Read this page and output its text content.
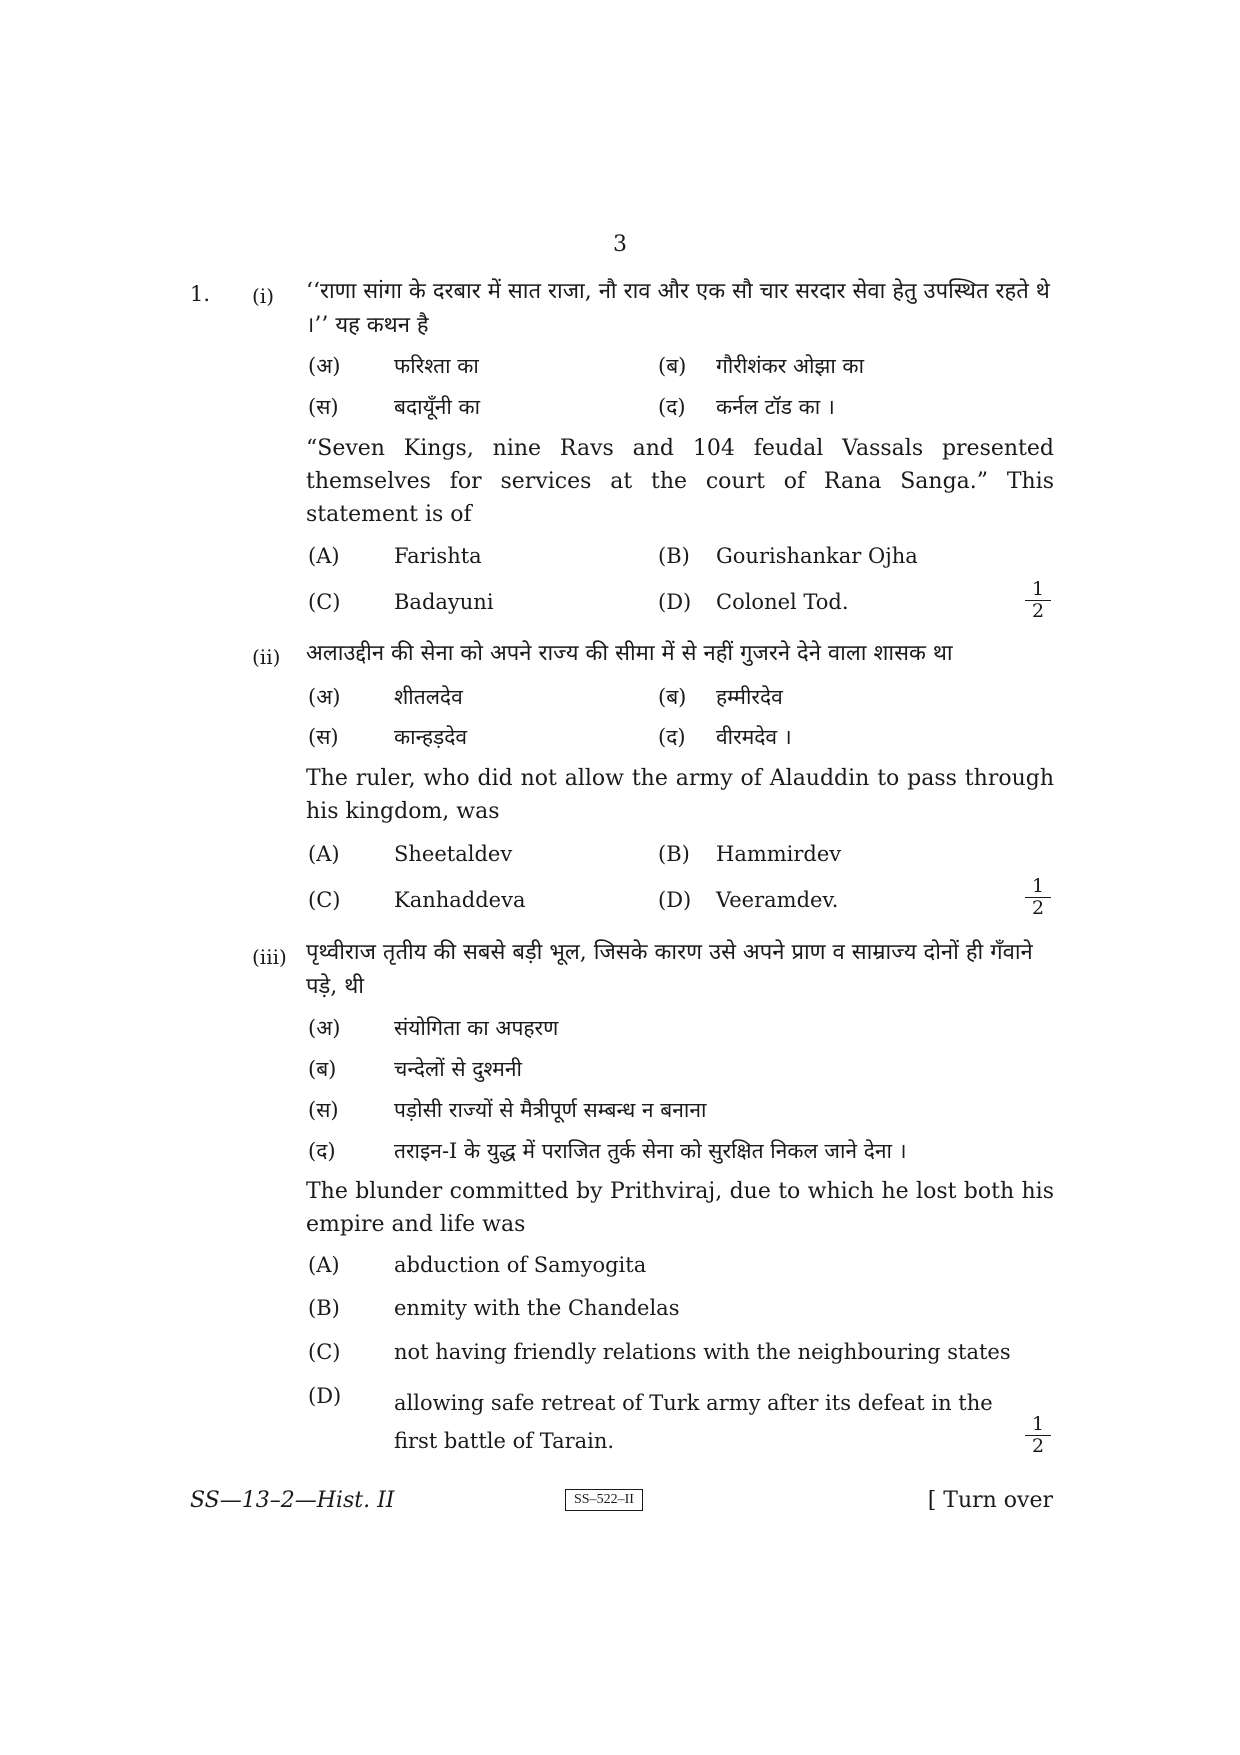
3
1. (i) ‘‘राणा सांगा के दरबार में सात राजा, नौ राव और एक सौ चार सरदार सेवा हेतु उपस्थित रहते थे ।’’ यह कथन है
(अ)	फरिश्ता का	(ब) गौरीशंकर ओझा का
(स)	बदायूँनी का	(द) कर्नल टॉड का ।
“Seven Kings, nine Ravs and 104 feudal Vassals presented themselves for services at the court of Rana Sanga.” This statement is of
(A)	Farishta	(B) Gourishankar Ojha
(C)	Badayuni	(D) Colonel Tod.	$\frac{1}{2}$
(ii) अलाउद्दीन की सेना को अपने राज्य की सीमा में से नहीं गुजरने देने वाला शासक था
(अ)	शीतलदेव	(ब) हम्मीरदेव
(स)	कान्हड़देव	(द) वीरमदेव ।
The ruler, who did not allow the army of Alauddin to pass through his kingdom, was
(A)	Sheetaldev	(B) Hammirdev
(C)	Kanhaddeva	(D) Veeramdev.	$\frac{1}{2}$
(iii) पृथ्वीराज तृतीय की सबसे बड़ी भूल, जिसके कारण उसे अपने प्राण व साम्राज्य दोनों ही गँवाने पड़े, थी
(अ)	संयोगिता का अपहरण
(ब)	चन्देलों से दुश्मनी
(स)	पड़ोसी राज्यों से मैत्रीपूर्ण सम्बन्ध न बनाना
(द)	तराइन-I के युद्ध में पराजित तुर्क सेना को सुरक्षित निकल जाने देना ।
The blunder committed by Prithviraj, due to which he lost both his empire and life was
(A)	abduction of Samyogita
(B)	enmity with the Chandelas
(C)	not having friendly relations with the neighbouring states
(D)	allowing safe retreat of Turk army after its defeat in the first battle of Tarain.	$\frac{1}{2}$
SS—13–2—Hist. II	SS–522–II	[ Turn over
